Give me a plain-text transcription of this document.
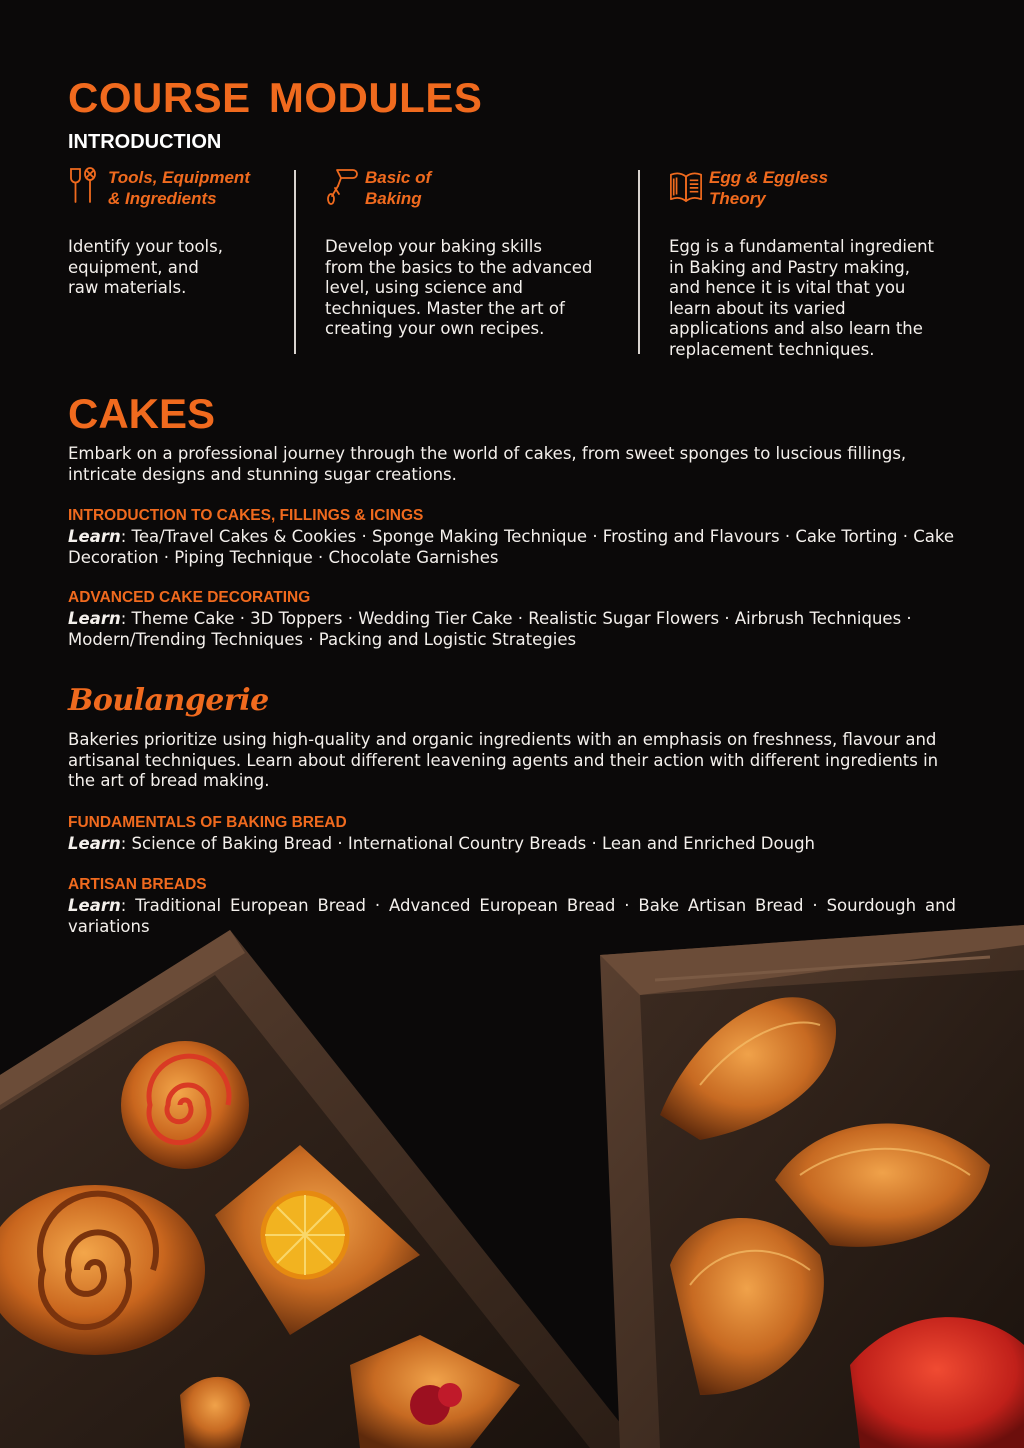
COURSE MODULES
INTRODUCTION
Tools, Equipment
& Ingredients
Identify your tools,
equipment, and
raw materials.
Basic of
Baking
Develop your baking skills
from the basics to the advanced
level, using science and
techniques. Master the art of
creating your own recipes.
Egg & Eggless
Theory
Egg is a fundamental ingredient
in Baking and Pastry making,
and hence it is vital that you
learn about its varied
applications and also learn the
replacement techniques.
CAKES

Embark on a professional journey through the world of cakes, from sweet sponges to luscious fillings, intricate designs and stunning sugar creations.

INTRODUCTION TO CAKES, FILLINGS & ICINGS

Learn: Tea/Travel Cakes & Cookies · Sponge Making Technique · Frosting and Flavours · Cake Torting · Cake Decoration · Piping Technique · Chocolate Garnishes

ADVANCED CAKE DECORATING

Learn: Theme Cake · 3D Toppers · Wedding Tier Cake · Realistic Sugar Flowers · Airbrush Techniques · Modern/Trending Techniques · Packing and Logistic Strategies

Boulangerie

Bakeries prioritize using high-quality and organic ingredients with an emphasis on freshness, flavour and artisanal techniques. Learn about different leavening agents and their action with different ingredients in the art of bread making.

FUNDAMENTALS OF BAKING BREAD

Learn: Science of Baking Bread · International Country Breads · Lean and Enriched Dough

ARTISAN BREADS

Learn: Traditional European Bread · Advanced European Bread · Bake Artisan Bread · Sourdough and variations
